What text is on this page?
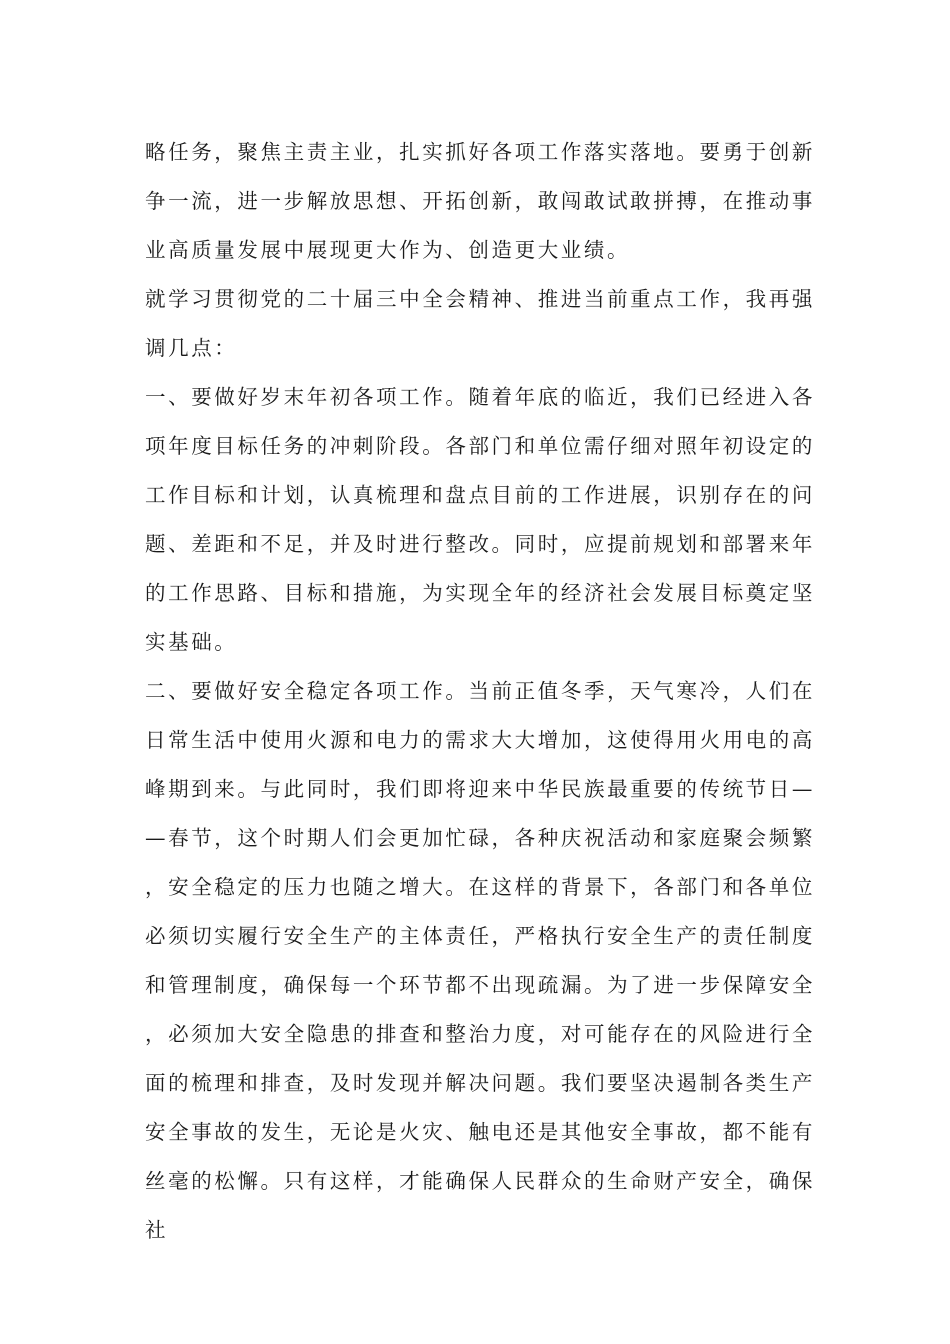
略任务，聚焦主责主业，扎实抓好各项工作落实落地。要勇于创新争一流，进一步解放思想、开拓创新，敢闯敢试敢拼搏，在推动事业高质量发展中展现更大作为、创造更大业绩。

就学习贯彻党的二十届三中全会精神、推进当前重点工作，我再强调几点：

一、要做好岁末年初各项工作。随着年底的临近，我们已经进入各项年度目标任务的冲刺阶段。各部门和单位需仔细对照年初设定的工作目标和计划，认真梳理和盘点目前的工作进展，识别存在的问题、差距和不足，并及时进行整改。同时，应提前规划和部署来年的工作思路、目标和措施，为实现全年的经济社会发展目标奠定坚实基础。

二、要做好安全稳定各项工作。当前正值冬季，天气寒冷，人们在日常生活中使用火源和电力的需求大大增加，这使得用火用电的高峰期到来。与此同时，我们即将迎来中华民族最重要的传统节日——春节，这个时期人们会更加忙碌，各种庆祝活动和家庭聚会频繁，安全稳定的压力也随之增大。在这样的背景下，各部门和各单位必须切实履行安全生产的主体责任，严格执行安全生产的责任制度和管理制度，确保每一个环节都不出现疏漏。为了进一步保障安全，必须加大安全隐患的排查和整治力度，对可能存在的风险进行全面的梳理和排查，及时发现并解决问题。我们要坚决遏制各类生产安全事故的发生，无论是火灾、触电还是其他安全事故，都不能有丝毫的松懈。只有这样，才能确保人民群众的生命财产安全，确保社
